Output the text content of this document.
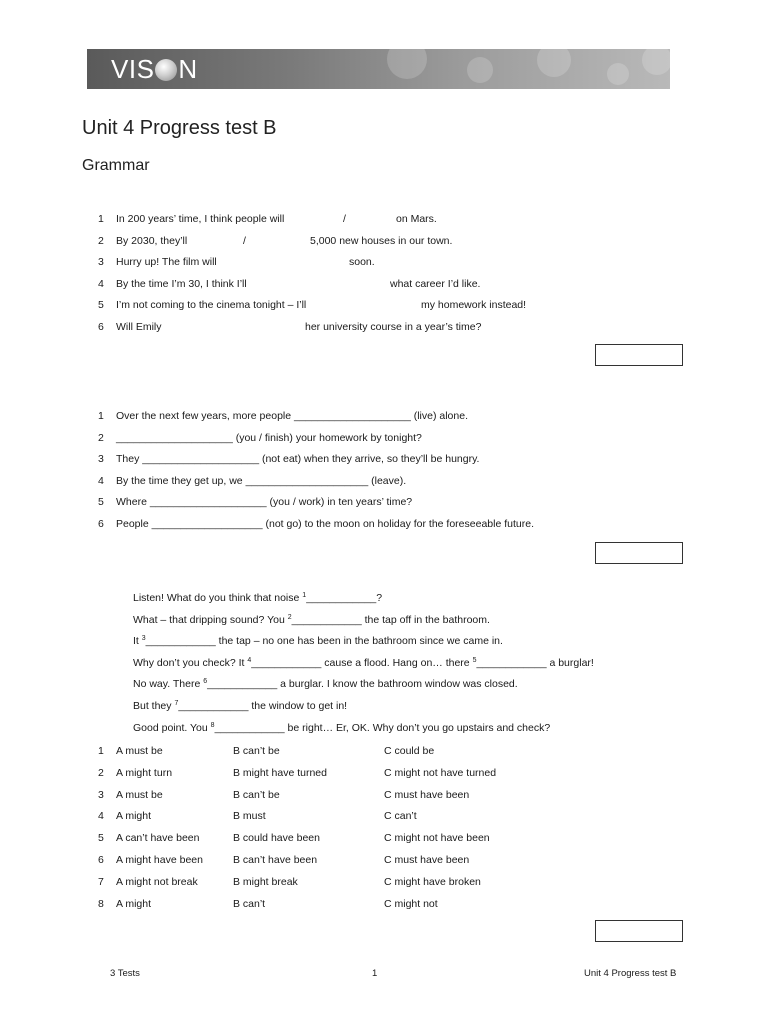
VIS N
Unit 4 Progress test B
Grammar
1	In 200 years’ time, I think people will	/	on Mars.
2	By 2030, they’ll	/	5,000 new houses in our town.
3	Hurry up! The film will	soon.
4	By the time I’m 30, I think I’ll	what career I’d like.
5	I’m not coming to the cinema tonight – I’ll	my homework instead!
6	Will Emily	her university course in a year’s time?
1	Over the next few years, more people ____________________ (live) alone.
2	____________________ (you / finish) your homework by tonight?
3	They ____________________ (not eat) when they arrive, so they’ll be hungry.
4	By the time they get up, we _____________________ (leave).
5	Where ____________________ (you / work) in ten years’ time?
6	People ___________________ (not go) to the moon on holiday for the foreseeable future.
Listen! What do you think that noise $^1$____________?
What – that dripping sound? You $^2$____________ the tap off in the bathroom.
It $^3$____________ the tap – no one has been in the bathroom since we came in.
Why don’t you check? It $^4$____________ cause a flood. Hang on… there $^5$____________ a burglar!
No way. There $^6$____________ a burglar. I know the bathroom window was closed.
But they $^7$____________ the window to get in!
Good point. You $^8$____________ be right… Er, OK. Why don’t you go upstairs and check?
1	A must be	B can’t be	C could be
2	A might turn	B might have turned	C might not have turned
3	A must be	B can’t be	C must have been
4	A might	B must	C can’t
5	A can’t have been	B could have been	C might not have been
6	A might have been	B can’t have been	C must have been
7	A might not break	B might break	C might have broken
8	A might	B can’t	C might not
3 Tests	1	Unit 4 Progress test B
